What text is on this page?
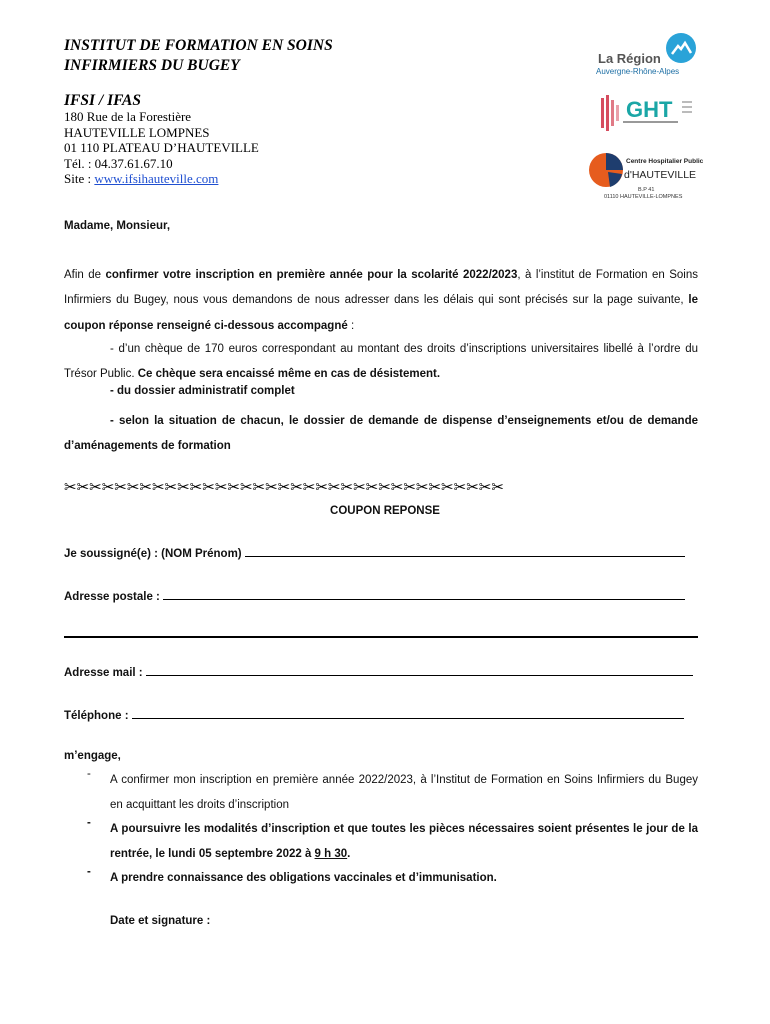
INSTITUT DE FORMATION EN SOINS
INFIRMIERS DU BUGEY
IFSI / IFAS
180 Rue de la Forestière
HAUTEVILLE LOMPNES
01 110 PLATEAU D’HAUTEVILLE
Tél. : 04.37.61.67.10
Site : www.ifsihauteville.com
La Région
Auvergne-Rhône-Alpes
GHT
Centre Hospitalier Public
d'HAUTEVILLE
B.P 41
01110 HAUTEVILLE-LOMPNES
Madame, Monsieur,
Afin de confirmer votre inscription en première année pour la scolarité 2022/2023, à l’institut de Formation en Soins Infirmiers du Bugey, nous vous demandons de nous adresser dans les délais qui sont précisés sur la page suivante, le coupon réponse renseigné ci-dessous accompagné :
- d’un chèque de 170 euros correspondant au montant des droits d’inscriptions universitaires libellé à l’ordre du Trésor Public. Ce chèque sera encaissé même en cas de désistement.
- du dossier administratif complet
- selon la situation de chacun, le dossier de demande de dispense d’enseignements et/ou de demande d’aménagements de formation
✂✂✂✂✂✂✂✂✂✂✂✂✂✂✂✂✂✂✂✂✂✂✂✂✂✂✂✂✂✂✂✂✂✂✂
COUPON REPONSE
Je soussigné(e) : (NOM Prénom)
Adresse postale :
Adresse mail :
Téléphone :
m’engage,
- A confirmer mon inscription en première année 2022/2023, à l’Institut de Formation en Soins Infirmiers du Bugey en acquittant les droits d’inscription
- A poursuivre les modalités d’inscription et que toutes les pièces nécessaires soient présentes le jour de la rentrée, le lundi 05 septembre 2022 à 9 h 30.
- A prendre connaissance des obligations vaccinales et d’immunisation.
Date et signature :
